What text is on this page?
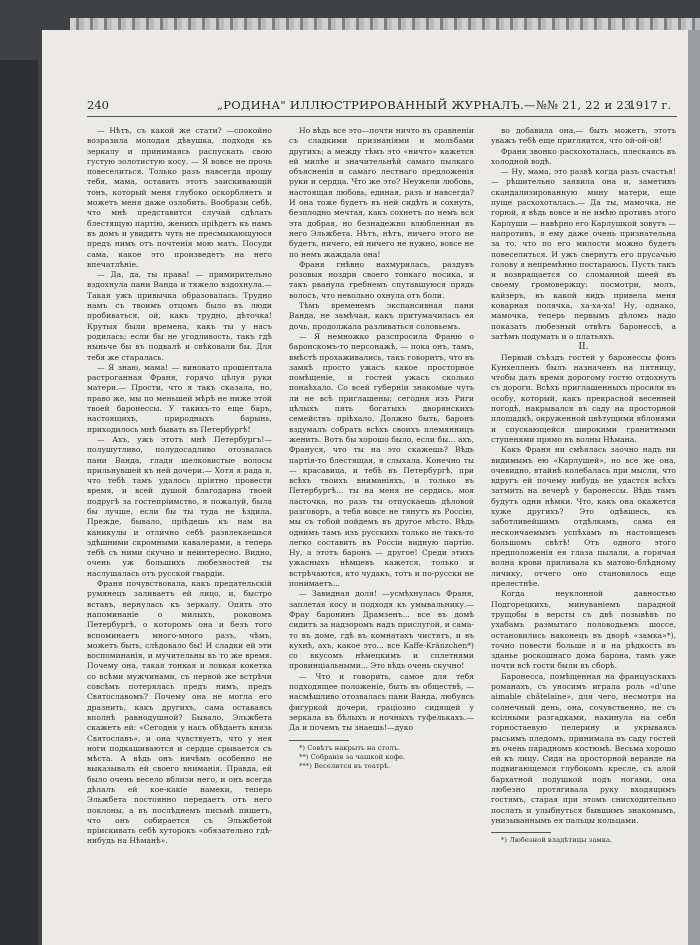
240	„РОДИНА" ИЛЛЮСТРИРОВАННЫЙ ЖУРНАЛЪ.—№№ 21, 22 и 23.
1917 г.

— Нѣтъ, съ какой же стати? —спокойно возразила молодая дѣвушка, подходя къ зеркалу и принимаясь распускать свою густую золотистую косу. — Я вовсе не прочь повеселиться. Только разъ навсегда прошу тебя, мама, оставить этотъ заискивающій тонъ, который меня глубоко оскорбляетъ и можетъ меня даже озлобить. Вообрази себѣ, что мнѣ представится случай сдѣлать блестящую партію, женихъ пріѣдетъ къ намъ въ домъ и увидитъ чуть не пресмыкающуюся предъ нимъ отъ почтенія мою мать. Посуди сама, какое это произведетъ на него впечатлѣніе.

— Да, да, ты права! — примирительно вздохнула пани Ванда и тяжело вздохнула.—Такая ужъ привычка образовалась. Трудно намъ съ твоимъ отцомъ было въ люди пробиваться, ой, какъ трудно, дѣточка! Крутыя были времена, какъ ты у насъ родилась; если бы не угодливость, такъ гдѣ ныньче бы въ подвалѣ и свѣковали бы. Для тебя же старалась.

— Я знаю, мама! — виновато прошептала растроганная Франя, горячо цѣлуя руки матери.— Прости, что я такъ сказала, но, право же, мы по меньшей мѣрѣ не ниже этой твоей баронессы. У такихъ-то еще баръ, настоящихъ, природныхъ барынь, приходилось мнѣ бывать въ Петербургѣ!

— Ахъ, ужъ этотъ мнѣ Петербургъ!— полушутливо, полудосадливо отозвалась пани Ванда, гладя шелковистые волосы прильнувшей къ ней дочери.— Хотя я рада я, что тебѣ тамъ удалось пріятно провести время, и всей душой благодарна твоей подругѣ за гостепріимство, я пожалуй, была бы лучше, если бы ты туда не ѣздила. Прежде, бывало, пріѣдешь къ нам на каникулы и отлично себѣ развлекаешься здѣшними скромными кавалерами, а теперь тебѣ съ ними скучно и неинтересно. Видно, очень уж большихъ любезностей ты наслушалась отъ русской гвардіи.

Франя почувствовала, какъ предательскій румянецъ заливаетъ ей лицо, и, быстро вставъ, вернулась къ зеркалу. Опять это напоминаніе о милыхъ, роковомъ Петербургѣ, о которомъ она и безъ того вспоминаетъ много-много разъ, чѣмъ, можетъ быть, слѣдовало бы! И сладки ей эти воспоминанія, и мучительны въ то же время. Почему она, такая тонкая и ловкая кокетка со всѣми мужчинами, съ первой же встрѣчи совсѣмъ потерялась предъ нимъ, предъ Святославомъ? Почему она не могла его дразнить, какъ другихъ, сама оставаясь вполнѣ равнодушной? Бывало, Эльжбета скажетъ ей: «Сегодня у насъ обѣдаетъ князь Святославъ», и она чувствуетъ, что у нея ноги подкашиваются и сердце срывается съ мѣста. А вѣдь онъ ничѣмъ особенно не выказывалъ ей своего вниманія. Правда, ей было очень весело вблизи него, и онъ всегда дѣлалъ ей кое-какіе намеки, теперь Эльжбета постоянно передаетъ отъ него поклоны, а въ послѣднемъ письмѣ пишетъ, что онъ собирается съ Эльжбетой пріискивать себѣ хуторокъ «обязательно гдѣ-нибудь на Нѣманѣ».

Но вѣдь все это—почти ничто въ сравненіи съ сладкими признаніями и мольбами другихъ; а между тѣмъ это «ничто» кажется ей милѣе и значительнѣй самаго пылкаго объясненія и самаго лестнаго предложенія руки и сердца. Что же это? Неужели любовь, настоящая любовь, единая, разъ и навсегда? И она тоже будетъ въ ней сидѣть и сохнуть, безплодно мечтая, какъ сохнетъ по немъ вся эта добрая, но безнадежно влюбленная въ него Эльжбета. Нѣтъ, нѣтъ, ничего этого не будетъ, ничего, ей ничего не нужно, вовсе не по немъ жаждала она!

Франя гнѣвно нахмурилась, раздувъ розовыя ноздри своего тонкаго носика, и такъ рванула гребнемъ спутавшуюся прядь волосъ, что невольно охнула отъ боли.

Тѣмъ временемъ экспансивная пани Ванда, не замѣчая, какъ притумачилась ея дочь, продолжала разливаться соловьемъ.

— Я немножко разспросила Франю о баронскомъ-то персонажѣ, — пока онъ, тамъ, вмѣстѣ прохаживались, такъ говоритъ, что въ замкѣ просто ужасъ какое просторное помѣщеніе, и гостей ужасъ сколько понаѣхало. Со всей губерніи знакомые чуть ли не всѣ приглашены; сегодня изъ Риги цѣлыхъ пять богатыхъ дворянскихъ семействъ пріѣхало. Должно быть, баронъ вздумалъ собрать всѣхъ своихъ племянницъ женить. Вотъ бы хорошо было, если бы... ахъ, Франуся, что ты на это скажешь? Вѣдь партія-то блестящая, я слыхала. Конечно ты — красавица, и тебѣ въ Петербургѣ, при всѣхъ твоихъ вниманіяхъ, и только въ Петербургѣ... ты на меня не сердись, моя ласточка, но разъ ты отпускаешь дѣловой разговоръ, а тебя вовсе не тянутъ въ Россію, мы съ тобой пойдемъ въ другое мѣсто. Вѣдь однимъ тамъ изъ русскихъ только не такъ-то легко составить въ Россіи видную партію. Ну, а этотъ баронъ — другое! Среди этихъ ужасныхъ нѣмцевъ кажется, только и встрѣчаются, кто чудакъ, тотъ и по-русски не понимаетъ...

— Завидная доля! —усмѣхнулась Франя, заплетая косу и подходя къ умывальнику.— Фрау баронинъ Драмзенъ... все въ домѣ сидитъ за надзоромъ надъ прислугой, и сама-то въ доме, гдѣ въ комнатахъ чистятъ, и въ кухнѣ, ахъ, какое это... все Kaffe-Kränzchen*) со вкусомъ нѣмецкимъ и сплетнями провинціальными... Это вѣдь очень скучно!

— Что и говорить, самое для тебя подходящее положеніе, быть въ обществѣ, — насмѣшливо отозвалась пани Ванда, любуясь фигуркой дочери, граціозно сидящей у зеркала въ бѣлыхъ и ночныхъ туфелькахъ.—Да и почемъ ты знаешь!—дуко

*) Совѣтъ накрыть на столъ.

**) Собранія за чашкой кофе.

***) Веселится въ театрѣ.

во добавила она,— быть можетъ, этотъ уважъ тебѣ еще пригляится, что ой-ой-ой!

Франя звонко расхохоталась, плескаясь въ холодной водѣ.

— Ну, мама, это развѣ когда разъ счастья! — рѣшительно заявила она и, заметивъ скандализированную мину матери, еще пуще расхохоталась.— Да ты, мамочка, не горюй, я вѣдь вовсе и не имѣю противъ этого Карлуши — навѣрно его Карлушкой зовутъ — напротивъ, я ему даже очень признательна за то, что по его милости можно будетъ повеселиться. И ужъ свернутъ его прусачью голову я непремѣнно постараюсь. Пусть такъ и возвращается со сломанной шеей въ своему громовержцу: посмотри, молъ, кайзеръ, въ какой видъ привела меня коварная полячка, ха-ха-ха! Ну, однако, мамочка, теперь первымъ дѣломъ надо показать любезный отвѣтъ баронессѣ, а затѣмъ подумать и о платьяхъ.

II.

Первый съѣздъ гостей у баронессы фонъ Кунхелленъ былъ назначенъ на пятницу, чтобы дать время дорогому гостю отдохнуть съ дороги. Всѣхъ приглашенныхъ просили въ особу, который, какъ прекрасной весенней погодѣ, накрывался въ саду на просторной площадкѣ, окруженной цвѣтущими яблонями и спускающейся широкими гранитными ступенями прямо въ волны Нѣмана.

Какъ Франя ни смѣялась заочно надъ ни видимымъ ею «Карлушей», но все же она, очевидно, втайнѣ колебалась при мысли, что вдругъ ей почему нибудь не удастся всѣхъ затмить на вечерѣ у баронессы. Вѣдь тамъ будутъ одни нѣмки. Что, какъ она окажется хуже другихъ? Это одѣвшесь, къ заботливейшимъ отдѣлкамъ, сама ея нескончаемымъ успѣхамъ въ настоящемъ большомъ свѣтѣ! Отъ одного этого предположенія ея глаза пылали, а горячая волна крови приливала къ матово-блѣдному личику, отчего оно становилось еще прелестнѣе.

Когда неуклонной давностью Подгорецкихъ, минуваніемъ парадной трущобы в версты съ двѣ позывѣвъ по ухабамъ размытаго половодьемъ шоссе, остановились наконецъ въ дворѣ «замка»*), точно повести больше я и на рѣдкость въ зданье роскошнаго дома барона, тамъ уже почти всѣ гости были въ сборѣ.

Баронесса, помѣщенная на французскихъ романахъ, съ уносимъ играла роль «d'une aimable châtelaine», для чего, несмотря на солнечный день, она, сочувственно, не съ ксілными разгадками, накинула на себя горностаевую пелерину и укрываясь рысьимъ пледомъ, принимала въ саду гостей въ очень парадномъ костюмѣ. Весьма хорошо ей къ лицу. Сидя на просторной веранде на подвигающемся глубокомъ кресле, съ алой бархатной подушкой подъ ногами, она любезно протягивала руку входящимъ гостямъ, старая при этомъ снисходительно послать и улыбнуться бывшимъ знакомымъ, унизываннымъ ея пальцы кольцами.

*) Любезной владѣтицы замка.
